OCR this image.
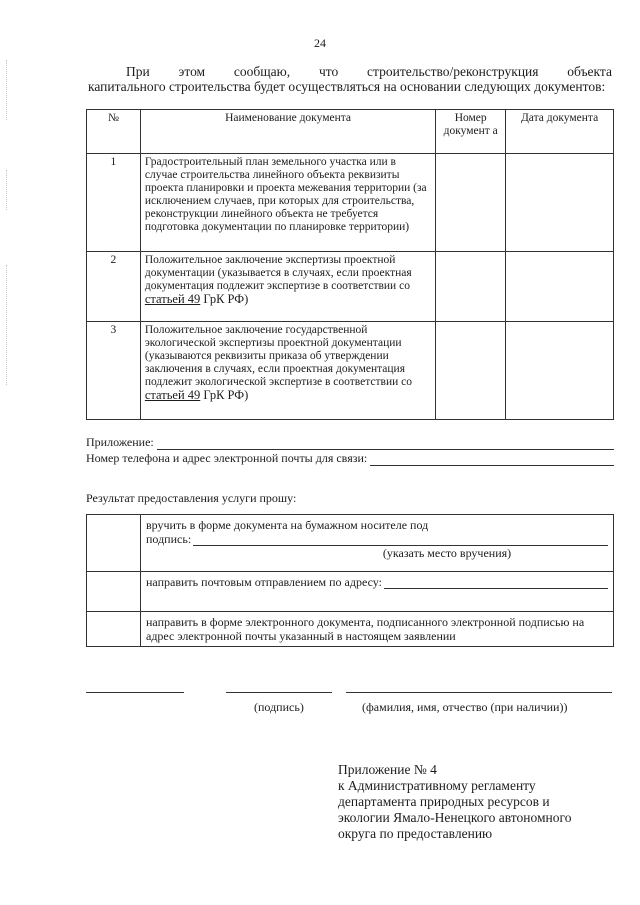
24
При этом сообщаю, что строительство/реконструкция объекта
капитального строительства будет осуществляться на основании следующих документов:
№	Наименование документа	Номер документ а	Дата документа
1	Градостроительный план земельного участка или в случае строительства линейного объекта реквизиты проекта планировки и проекта межевания территории (за исключением случаев, при которых для строительства, реконструкции линейного объекта не требуется подготовка документации по планировке территории)		
2	Положительное заключение экспертизы проектной документации (указывается в случаях, если проектная документация подлежит экспертизе в соответствии со статьей 49 ГрК РФ)		
3	Положительное заключение государственной экологической экспертизы проектной документации (указываются реквизиты приказа об утверждении заключения в случаях, если проектная документация подлежит экологической экспертизе в соответствии со статьей 49 ГрК РФ)		
Приложение:
Номер телефона и адрес электронной почты для связи:
Результат предоставления услуги прошу:

	вручить в форме документа на бумажном носителе под
подпись:
(указать место вручения)

	направить почтовым отправлением по адресу:

	направить в форме электронного документа, подписанного электронной подписью на адрес электронной почты указанный в настоящем заявлении
(подпись)	(фамилия, имя, отчество (при наличии))
Приложение № 4
к Административному регламенту
департамента природных ресурсов и
экологии Ямало-Ненецкого автономного
округа по предоставлению
